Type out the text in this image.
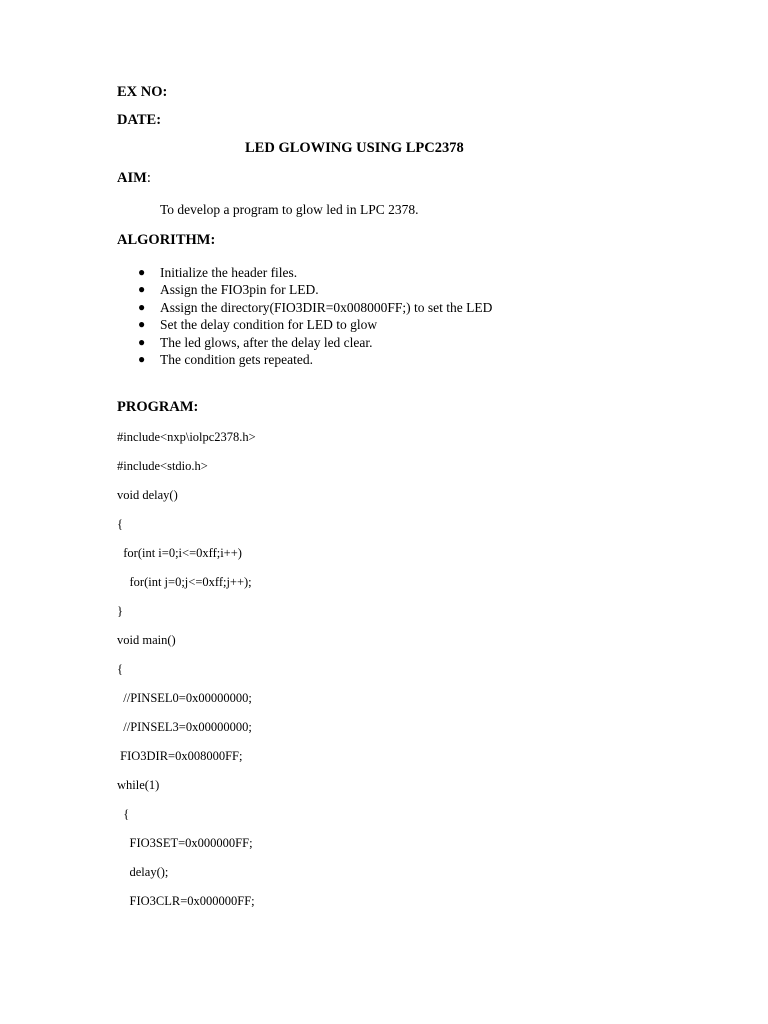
EX NO:
DATE:
LED GLOWING USING LPC2378
AIM:
To develop a program to glow led in LPC 2378.
ALGORITHM:
● Initialize the header files.
● Assign the FIO3pin for LED.
● Assign the directory(FIO3DIR=0x008000FF;) to set the LED
● Set the delay condition for LED to glow
● The led glows, after the delay led clear.
● The condition gets repeated.
PROGRAM:
#include<nxp\iolpc2378.h>
#include<stdio.h>
void delay()
{
for(int i=0;i<=0xff;i++)
for(int j=0;j<=0xff;j++);
}
void main()
{
//PINSEL0=0x00000000;
//PINSEL3=0x00000000;
FIO3DIR=0x008000FF;
while(1)
{
FIO3SET=0x000000FF;
delay();
FIO3CLR=0x000000FF;
